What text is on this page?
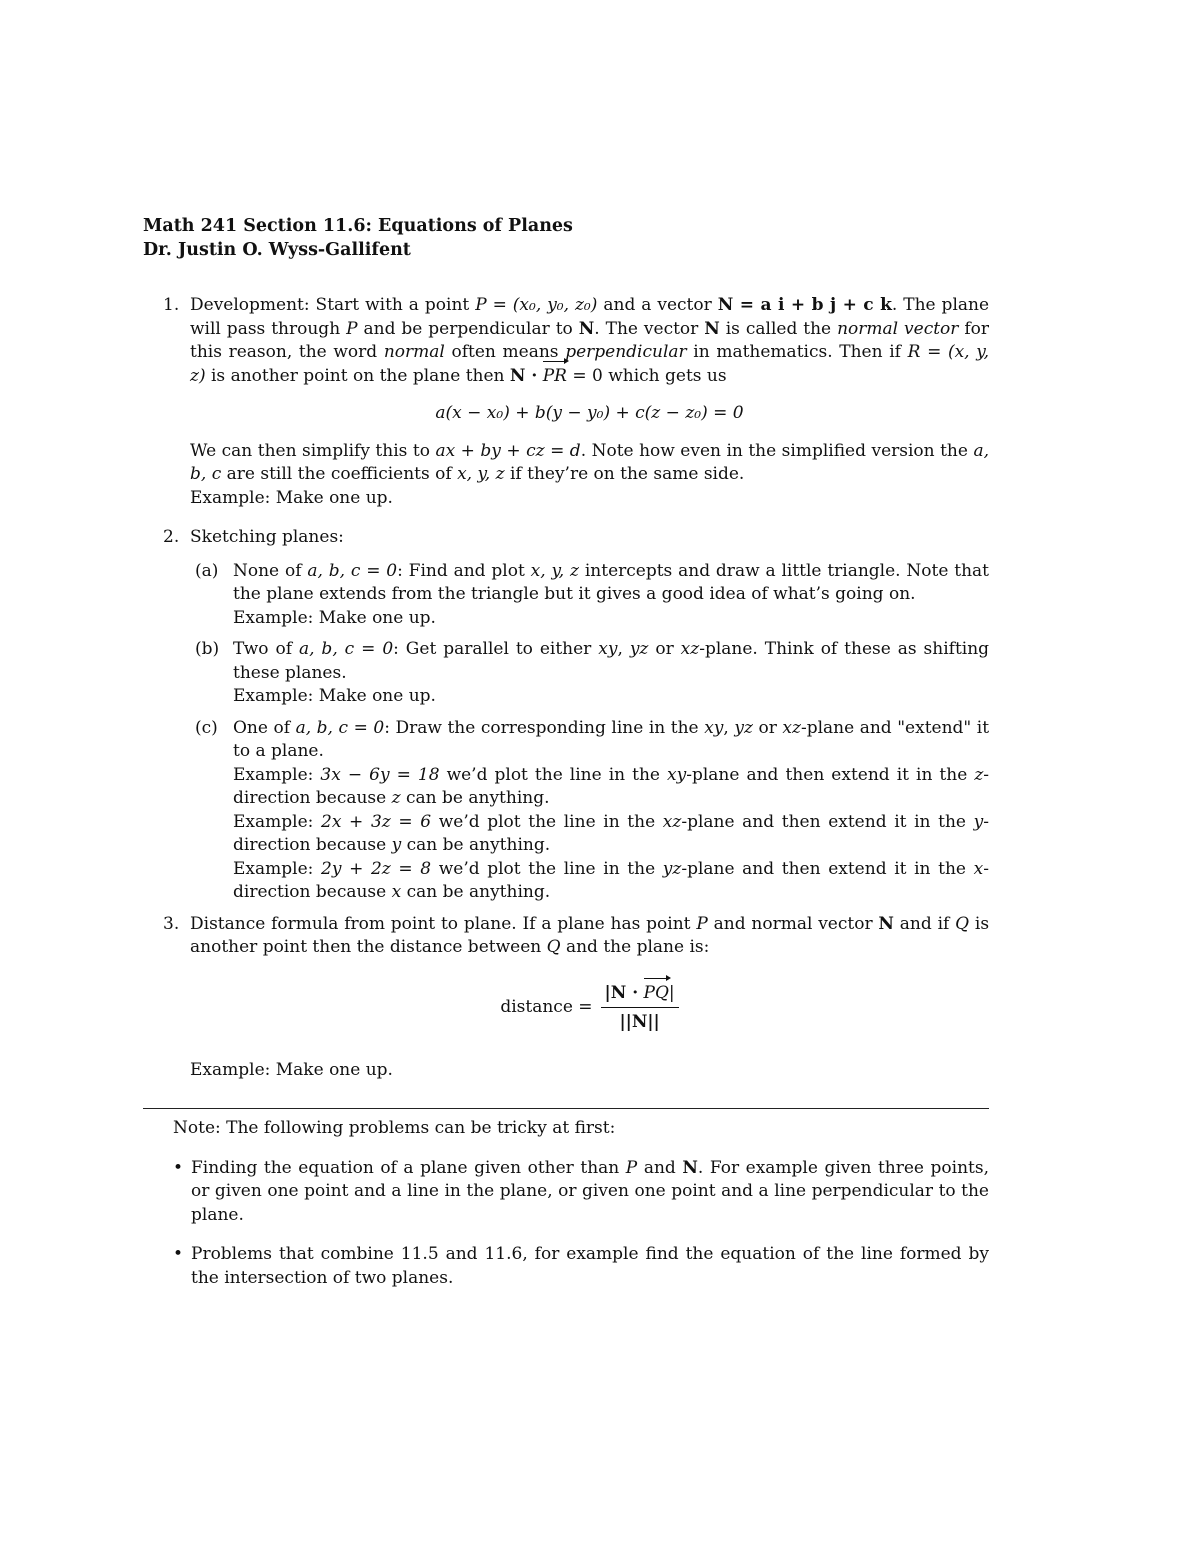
Math 241 Section 11.6: Equations of Planes
Dr. Justin O. Wyss-Gallifent
1. Development: Start with a point P = (x₀, y₀, z₀) and a vector N = a i + b j + c k. The plane will pass through P and be perpendicular to N. The vector N is called the normal vector for this reason, the word normal often means perpendicular in mathematics. Then if R = (x, y, z) is another point on the plane then N · PR = 0 which gets us
a(x − x₀) + b(y − y₀) + c(z − z₀) = 0
We can then simplify this to ax + by + cz = d. Note how even in the simplified version the a, b, c are still the coefficients of x, y, z if they’re on the same side.
Example: Make one up.
2. Sketching planes:
(a) None of a, b, c = 0: Find and plot x, y, z intercepts and draw a little triangle. Note that the plane extends from the triangle but it gives a good idea of what’s going on.
Example: Make one up.
(b) Two of a, b, c = 0: Get parallel to either xy, yz or xz-plane. Think of these as shifting these planes.
Example: Make one up.
(c) One of a, b, c = 0: Draw the corresponding line in the xy, yz or xz-plane and "extend" it to a plane.
Example: 3x − 6y = 18 we’d plot the line in the xy-plane and then extend it in the z-direction because z can be anything.
Example: 2x + 3z = 6 we’d plot the line in the xz-plane and then extend it in the y-direction because y can be anything.
Example: 2y + 2z = 8 we’d plot the line in the yz-plane and then extend it in the x-direction because x can be anything.
3. Distance formula from point to plane. If a plane has point P and normal vector N and if Q is another point then the distance between Q and the plane is:
distance = $\frac{|N \cdot PQ|}{||N||}$
Example: Make one up.
Note: The following problems can be tricky at first:
• Finding the equation of a plane given other than P and N. For example given three points, or given one point and a line in the plane, or given one point and a line perpendicular to the plane.
• Problems that combine 11.5 and 11.6, for example find the equation of the line formed by the intersection of two planes.
